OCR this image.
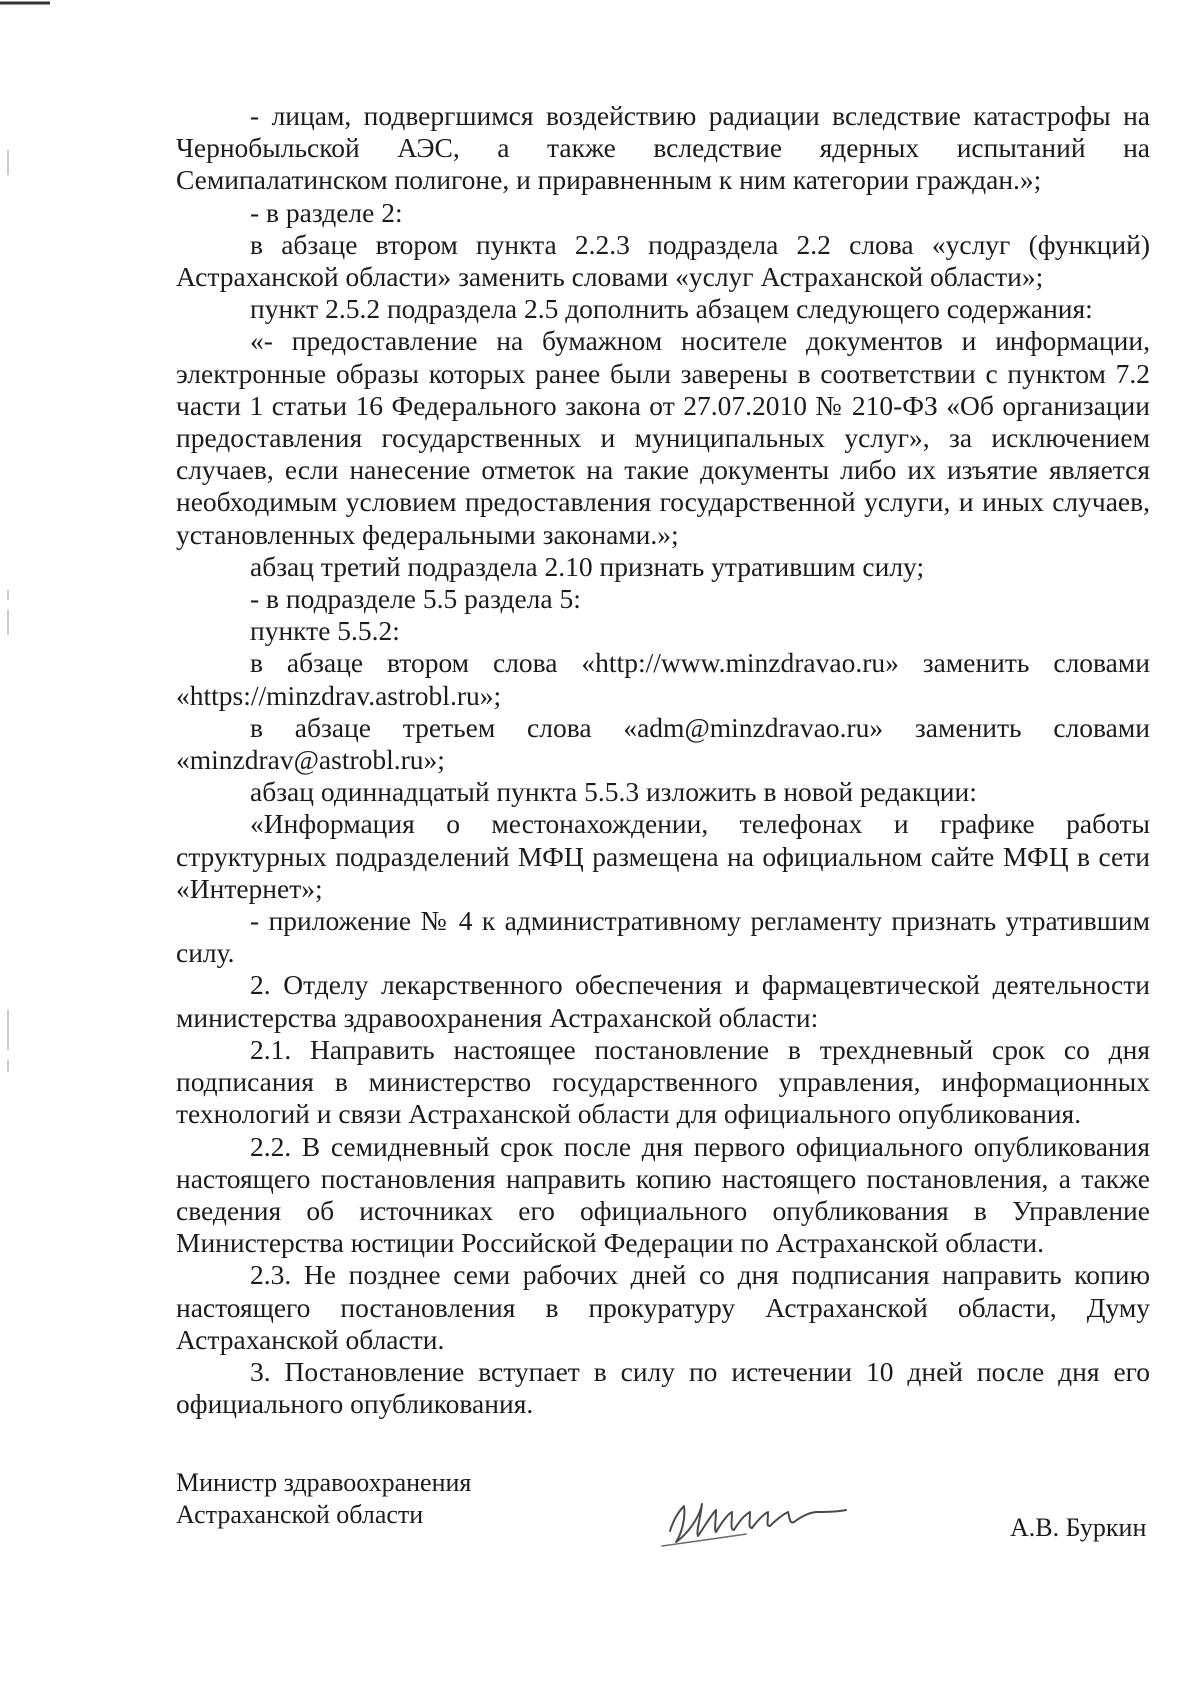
- лицам, подвергшимся воздействию радиации вследствие катастрофы на Чернобыльской АЭС, а также вследствие ядерных испытаний на Семипалатинском полигоне, и приравненным к ним категории граждан.»;

- в разделе 2:

в абзаце втором пункта 2.2.3 подраздела 2.2 слова «услуг (функций) Астраханской области» заменить словами «услуг Астраханской области»;

пункт 2.5.2 подраздела 2.5 дополнить абзацем следующего содержания:

«- предоставление на бумажном носителе документов и информации, электронные образы которых ранее были заверены в соответствии с пунктом 7.2 части 1 статьи 16 Федерального закона от 27.07.2010 № 210-ФЗ «Об организации предоставления государственных и муниципальных услуг», за исключением случаев, если нанесение отметок на такие документы либо их изъятие является необходимым условием предоставления государственной услуги, и иных случаев, установленных федеральными законами.»;

абзац третий подраздела 2.10 признать утратившим силу;

- в подразделе 5.5 раздела 5:

пункте 5.5.2:

в абзаце втором слова «http://www.minzdravao.ru» заменить словами «https://minzdrav.astrobl.ru»;

в абзаце третьем слова «adm@minzdravao.ru» заменить словами «minzdrav@astrobl.ru»;

абзац одиннадцатый пункта 5.5.3 изложить в новой редакции:

«Информация о местонахождении, телефонах и графике работы структурных подразделений МФЦ размещена на официальном сайте МФЦ в сети «Интернет»;

- приложение № 4 к административному регламенту признать утратившим силу.

2. Отделу лекарственного обеспечения и фармацевтической деятельности министерства здравоохранения Астраханской области:

2.1. Направить настоящее постановление в трехдневный срок со дня подписания в министерство государственного управления, информационных технологий и связи Астраханской области для официального опубликования.

2.2. В семидневный срок после дня первого официального опубликования настоящего постановления направить копию настоящего постановления, а также сведения об источниках его официального опубликования в Управление Министерства юстиции Российской Федерации по Астраханской области.

2.3. Не позднее семи рабочих дней со дня подписания направить копию настоящего постановления в прокуратуру Астраханской области, Думу Астраханской области.

3. Постановление вступает в силу по истечении 10 дней после дня его официального опубликования.

Министр здравоохранения
Астраханской области	А.В. Буркин
